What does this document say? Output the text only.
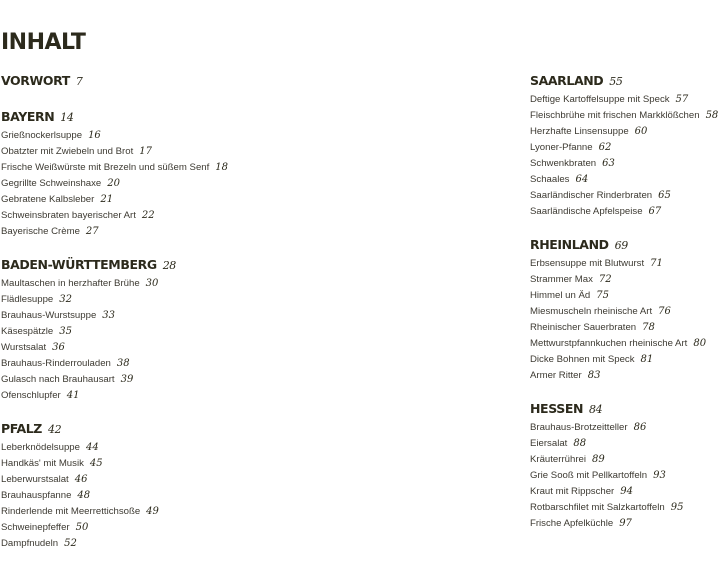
INHALT
VORWORT 7
BAYERN 14
Grießnockerlsuppe 16
Obatzter mit Zwiebeln und Brot 17
Frische Weißwürste mit Brezeln und süßem Senf 18
Gegrillte Schweinshaxe 20
Gebratene Kalbsleber 21
Schweinsbraten bayerischer Art 22
Bayerische Crème 27
BADEN-WÜRTTEMBERG 28
Maultaschen in herzhafter Brühe 30
Flädlesuppe 32
Brauhaus-Wurstsuppe 33
Käsespätzle 35
Wurstsalat 36
Brauhaus-Rinderrouladen 38
Gulasch nach Brauhausart 39
Ofenschlupfer 41
PFALZ 42
Leberknödelsuppe 44
Handkäs' mit Musik 45
Leberwurstsalat 46
Brauhauspfanne 48
Rinderlende mit Meerrettichsoße 49
Schweinepfeffer 50
Dampfnudeln 52
SAARLAND 55
Deftige Kartoffelsuppe mit Speck 57
Fleischbrühe mit frischen Markklößchen 58
Herzhafte Linsensuppe 60
Lyoner-Pfanne 62
Schwenkbraten 63
Schaales 64
Saarländischer Rinderbraten 65
Saarländische Apfelspeise 67
RHEINLAND 69
Erbsensuppe mit Blutwurst 71
Strammer Max 72
Himmel un Äd 75
Miesmuscheln rheinische Art 76
Rheinischer Sauerbraten 78
Mettwurstpfannkuchen rheinische Art 80
Dicke Bohnen mit Speck 81
Armer Ritter 83
HESSEN 84
Brauhaus-Brotzeitteller 86
Eiersalat 88
Kräuterrührei 89
Grie Sooß mit Pellkartoffeln 93
Kraut mit Rippscher 94
Rotbarschfilet mit Salzkartoffeln 95
Frische Apfelküchle 97
